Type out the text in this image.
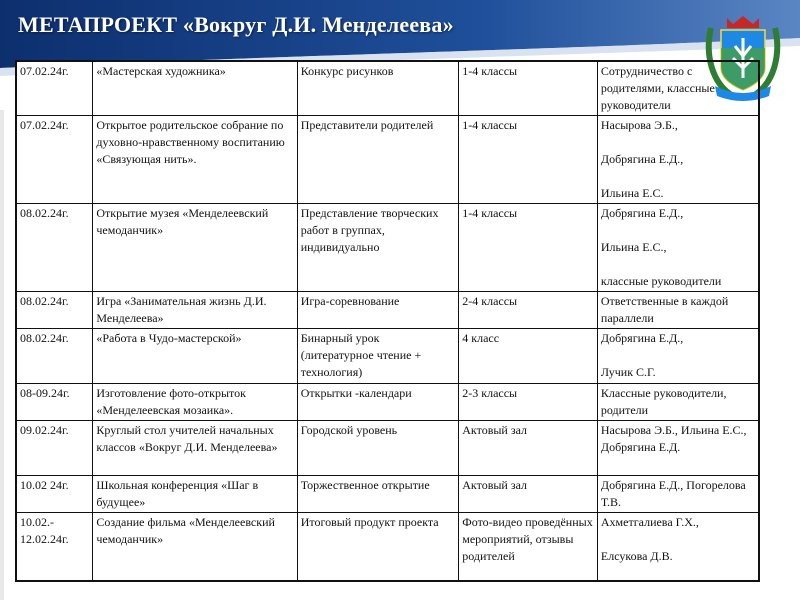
МЕТАПРОЕКТ «Вокруг Д.И. Менделеева»
07.02.24г.	«Мастерская художника»	Конкурс рисунков	1-4 классы	Сотрудничество с родителями, классные руководители
07.02.24г.	Открытое родительское собрание по духовно-нравственному воспитанию «Связующая нить».	Представители родителей	1-4 классы	Насырова Э.Б.,

Добрягина Е.Д.,

Ильина Е.С.
08.02.24г.	Открытие музея «Менделеевский чемоданчик»	Представление творческих работ в группах, индивидуально	1-4 классы	Добрягина Е.Д.,

Ильина Е.С.,

классные руководители
08.02.24г.	Игра «Занимательная жизнь Д.И. Менделеева»	Игра-соревнование	2-4 классы	Ответственные в каждой параллели
08.02.24г.	«Работа в Чудо-мастерской»	Бинарный урок (литературное чтение + технология)	4 класс	Добрягина Е.Д.,

Лучик С.Г.
08-09.24г.	Изготовление фото-открыток «Менделеевская мозаика».	Открытки -календари	2-3 классы	Классные руководители, родители
09.02.24г.	Круглый стол учителей начальных классов «Вокруг Д.И. Менделеева»	Городской уровень	Актовый зал	Насырова Э.Б., Ильина Е.С., Добрягина Е.Д.
10.02 24г.	Школьная конференция «Шаг в будущее»	Торжественное открытие	Актовый зал	Добрягина Е.Д., Погорелова Т.В.
10.02.-
12.02.24г.	Создание фильма «Менделеевский чемоданчик»	Итоговый продукт проекта	Фото-видео проведённых мероприятий, отзывы родителей	Ахметгалиева Г.Х.,

Елсукова Д.В.
